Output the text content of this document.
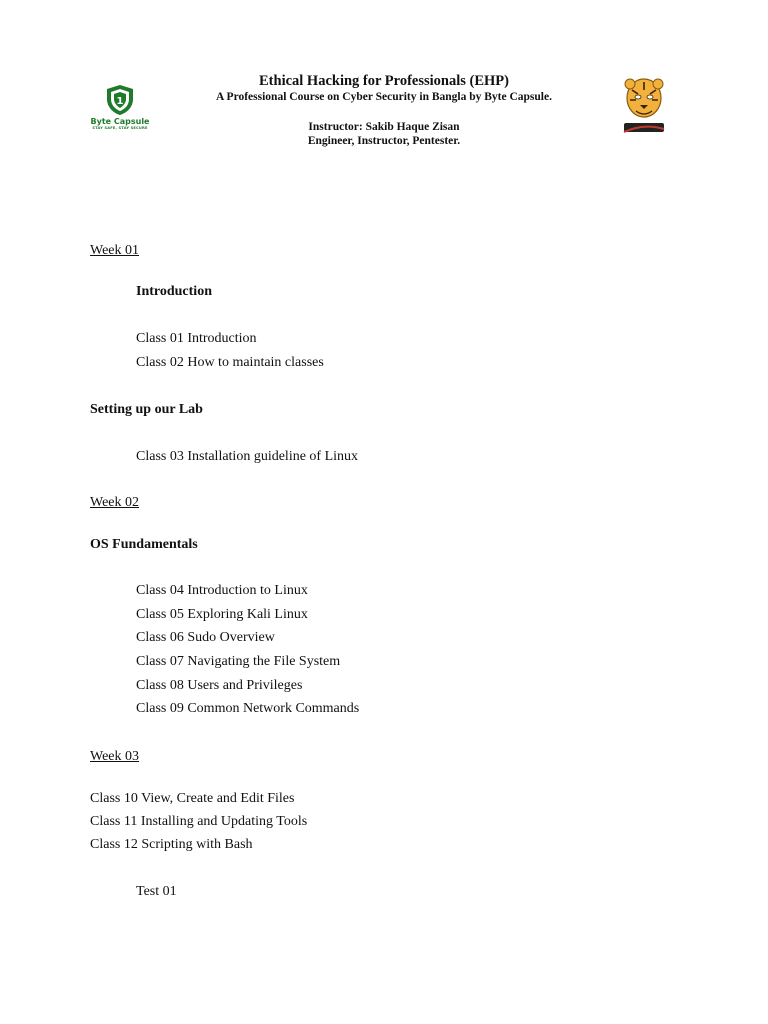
Ethical Hacking for Professionals (EHP)
A Professional Course on Cyber Security in Bangla by Byte Capsule.
Instructor: Sakib Haque Zisan
Engineer, Instructor, Pentester.
1
Byte Capsule
STAY SAFE, STAY SECURE
Week 01
Introduction
Class 01 Introduction
Class 02 How to maintain classes
Setting up our Lab
Class 03 Installation guideline of Linux
Week 02
OS Fundamentals
Class 04 Introduction to Linux
Class 05 Exploring Kali Linux
Class 06 Sudo Overview
Class 07 Navigating the File System
Class 08 Users and Privileges
Class 09 Common Network Commands
Week 03
Class 10 View, Create and Edit Files
Class 11 Installing and Updating Tools
Class 12 Scripting with Bash
Test 01
